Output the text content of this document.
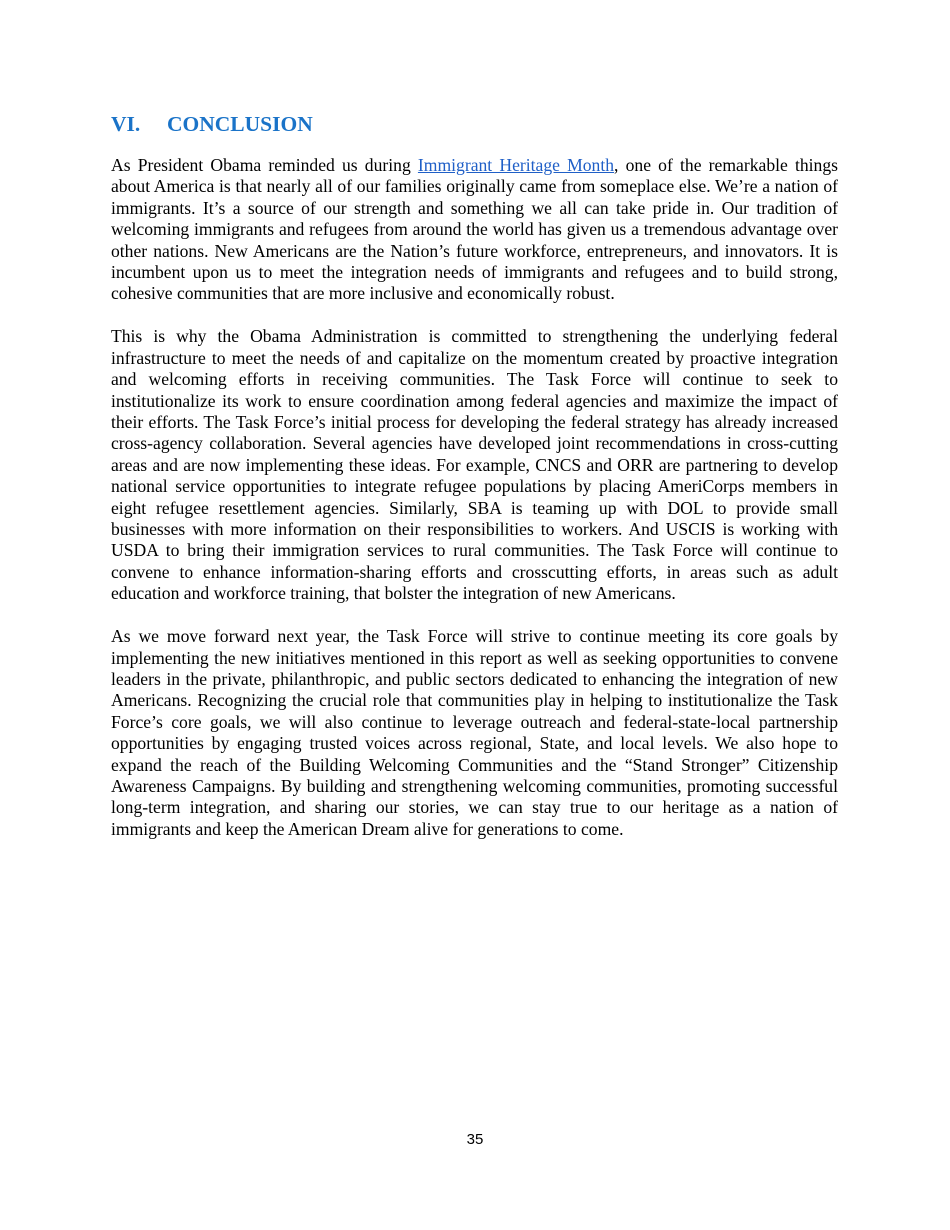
VI.	CONCLUSION

As President Obama reminded us during Immigrant Heritage Month, one of the remarkable things about America is that nearly all of our families originally came from someplace else. We’re a nation of immigrants. It’s a source of our strength and something we all can take pride in. Our tradition of welcoming immigrants and refugees from around the world has given us a tremendous advantage over other nations. New Americans are the Nation’s future workforce, entrepreneurs, and innovators. It is incumbent upon us to meet the integration needs of immigrants and refugees and to build strong, cohesive communities that are more inclusive and economically robust.

This is why the Obama Administration is committed to strengthening the underlying federal infrastructure to meet the needs of and capitalize on the momentum created by proactive integration and welcoming efforts in receiving communities. The Task Force will continue to seek to institutionalize its work to ensure coordination among federal agencies and maximize the impact of their efforts. The Task Force’s initial process for developing the federal strategy has already increased cross-agency collaboration. Several agencies have developed joint recommendations in cross-cutting areas and are now implementing these ideas. For example, CNCS and ORR are partnering to develop national service opportunities to integrate refugee populations by placing AmeriCorps members in eight refugee resettlement agencies. Similarly, SBA is teaming up with DOL to provide small businesses with more information on their responsibilities to workers. And USCIS is working with USDA to bring their immigration services to rural communities. The Task Force will continue to convene to enhance information-sharing efforts and crosscutting efforts, in areas such as adult education and workforce training, that bolster the integration of new Americans.

As we move forward next year, the Task Force will strive to continue meeting its core goals by implementing the new initiatives mentioned in this report as well as seeking opportunities to convene leaders in the private, philanthropic, and public sectors dedicated to enhancing the integration of new Americans. Recognizing the crucial role that communities play in helping to institutionalize the Task Force’s core goals, we will also continue to leverage outreach and federal-state-local partnership opportunities by engaging trusted voices across regional, State, and local levels. We also hope to expand the reach of the Building Welcoming Communities and the “Stand Stronger” Citizenship Awareness Campaigns. By building and strengthening welcoming communities, promoting successful long-term integration, and sharing our stories, we can stay true to our heritage as a nation of immigrants and keep the American Dream alive for generations to come.

35
